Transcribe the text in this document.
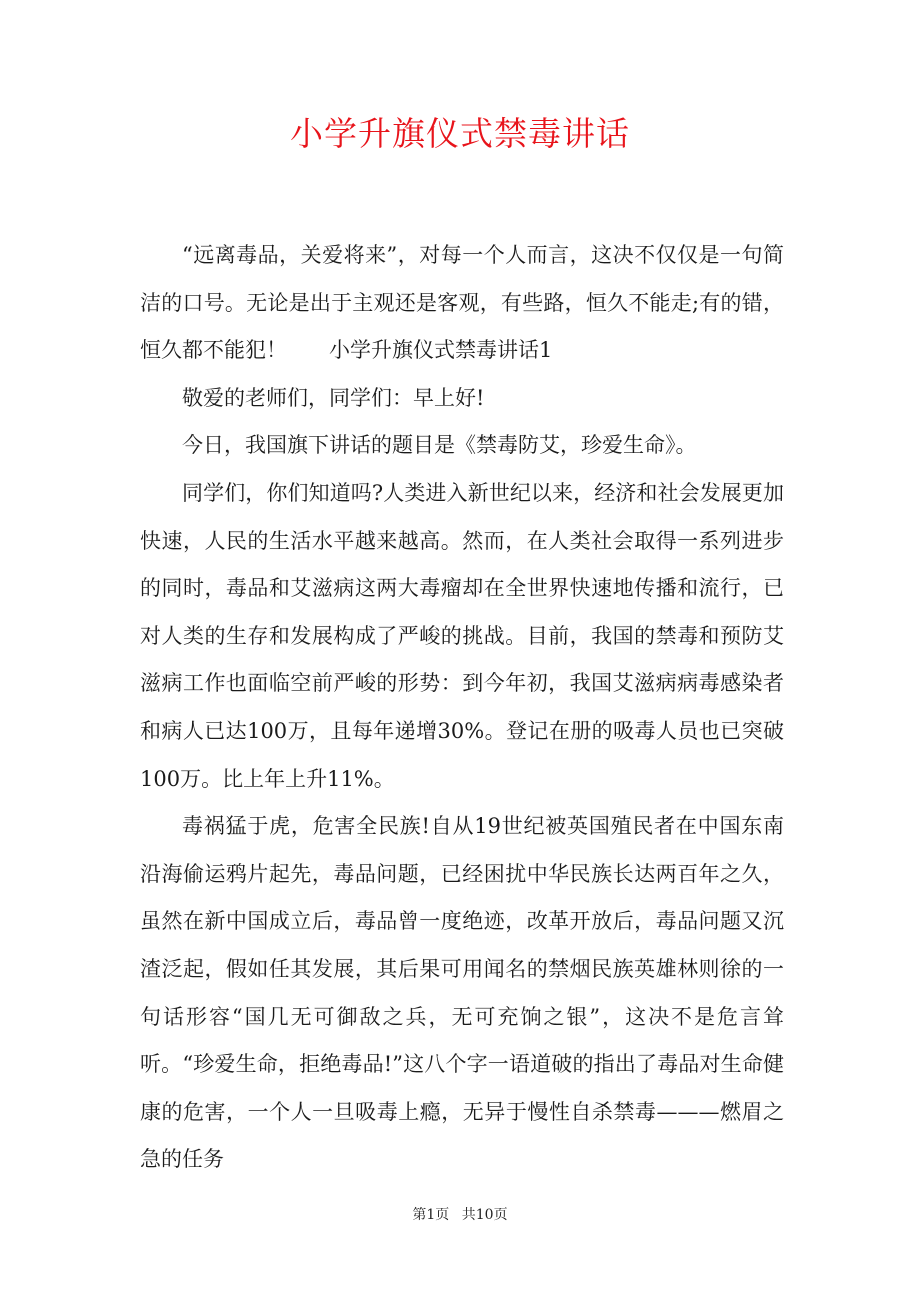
小学升旗仪式禁毒讲话

“远离毒品，关爱将来”，对每一个人而言，这决不仅仅是一句简洁的口号。无论是出于主观还是客观，有些路，恒久不能走;有的错，恒久都不能犯！　　小学升旗仪式禁毒讲话1

敬爱的老师们，同学们：早上好!

今日，我国旗下讲话的题目是《禁毒防艾，珍爱生命》。

同学们，你们知道吗?人类进入新世纪以来，经济和社会发展更加快速，人民的生活水平越来越高。然而，在人类社会取得一系列进步的同时，毒品和艾滋病这两大毒瘤却在全世界快速地传播和流行，已对人类的生存和发展构成了严峻的挑战。目前，我国的禁毒和预防艾滋病工作也面临空前严峻的形势：到今年初，我国艾滋病病毒感染者和病人已达100万，且每年递增30%。登记在册的吸毒人员也已突破100万。比上年上升11%。

毒祸猛于虎，危害全民族!自从19世纪被英国殖民者在中国东南沿海偷运鸦片起先，毒品问题，已经困扰中华民族长达两百年之久，虽然在新中国成立后，毒品曾一度绝迹，改革开放后，毒品问题又沉渣泛起，假如任其发展，其后果可用闻名的禁烟民族英雄林则徐的一句话形容“国几无可御敌之兵，无可充饷之银”，这决不是危言耸听。“珍爱生命，拒绝毒品!”这八个字一语道破的指出了毒品对生命健康的危害，一个人一旦吸毒上瘾，无异于慢性自杀禁毒———燃眉之急的任务

第1页 共10页
